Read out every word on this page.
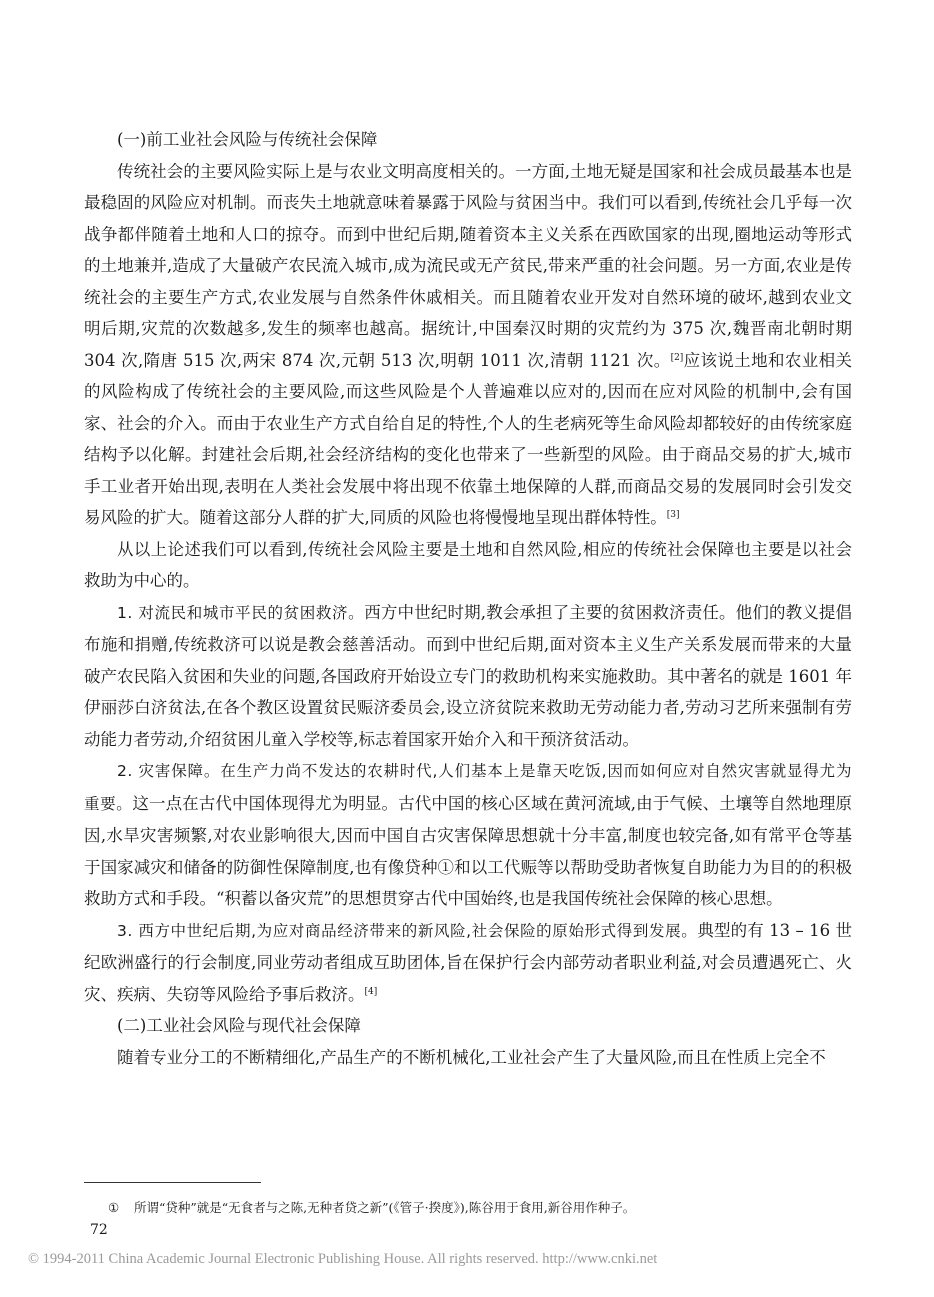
(一)前工业社会风险与传统社会保障

传统社会的主要风险实际上是与农业文明高度相关的。一方面,土地无疑是国家和社会成员最基本也是最稳固的风险应对机制。而丧失土地就意味着暴露于风险与贫困当中。我们可以看到,传统社会几乎每一次战争都伴随着土地和人口的掠夺。而到中世纪后期,随着资本主义关系在西欧国家的出现,圈地运动等形式的土地兼并,造成了大量破产农民流入城市,成为流民或无产贫民,带来严重的社会问题。另一方面,农业是传统社会的主要生产方式,农业发展与自然条件休戚相关。而且随着农业开发对自然环境的破坏,越到农业文明后期,灾荒的次数越多,发生的频率也越高。据统计,中国秦汉时期的灾荒约为 375 次,魏晋南北朝时期 304 次,隋唐 515 次,两宋 874 次,元朝 513 次,明朝 1011 次,清朝 1121 次。[2]应该说土地和农业相关的风险构成了传统社会的主要风险,而这些风险是个人普遍难以应对的,因而在应对风险的机制中,会有国家、社会的介入。而由于农业生产方式自给自足的特性,个人的生老病死等生命风险却都较好的由传统家庭结构予以化解。封建社会后期,社会经济结构的变化也带来了一些新型的风险。由于商品交易的扩大,城市手工业者开始出现,表明在人类社会发展中将出现不依靠土地保障的人群,而商品交易的发展同时会引发交易风险的扩大。随着这部分人群的扩大,同质的风险也将慢慢地呈现出群体特性。[3]

从以上论述我们可以看到,传统社会风险主要是土地和自然风险,相应的传统社会保障也主要是以社会救助为中心的。

1. 对流民和城市平民的贫困救济。西方中世纪时期,教会承担了主要的贫困救济责任。他们的教义提倡布施和捐赠,传统救济可以说是教会慈善活动。而到中世纪后期,面对资本主义生产关系发展而带来的大量破产农民陷入贫困和失业的问题,各国政府开始设立专门的救助机构来实施救助。其中著名的就是 1601 年伊丽莎白济贫法,在各个教区设置贫民赈济委员会,设立济贫院来救助无劳动能力者,劳动习艺所来强制有劳动能力者劳动,介绍贫困儿童入学校等,标志着国家开始介入和干预济贫活动。

2. 灾害保障。在生产力尚不发达的农耕时代,人们基本上是靠天吃饭,因而如何应对自然灾害就显得尤为重要。这一点在古代中国体现得尤为明显。古代中国的核心区域在黄河流域,由于气候、土壤等自然地理原因,水旱灾害频繁,对农业影响很大,因而中国自古灾害保障思想就十分丰富,制度也较完备,如有常平仓等基于国家减灾和储备的防御性保障制度,也有像贷种①和以工代赈等以帮助受助者恢复自助能力为目的的积极救助方式和手段。“积蓄以备灾荒”的思想贯穿古代中国始终,也是我国传统社会保障的核心思想。

3. 西方中世纪后期,为应对商品经济带来的新风险,社会保险的原始形式得到发展。典型的有 13 – 16 世纪欧洲盛行的行会制度,同业劳动者组成互助团体,旨在保护行会内部劳动者职业利益,对会员遭遇死亡、火灾、疾病、失窃等风险给予事后救济。[4]

(二)工业社会风险与现代社会保障

随着专业分工的不断精细化,产品生产的不断机械化,工业社会产生了大量风险,而且在性质上完全不

① 所谓“贷种”就是“无食者与之陈,无种者贷之新”(《管子·揆度》),陈谷用于食用,新谷用作种子。
72
© 1994-2011 China Academic Journal Electronic Publishing House. All rights reserved. http://www.cnki.net
